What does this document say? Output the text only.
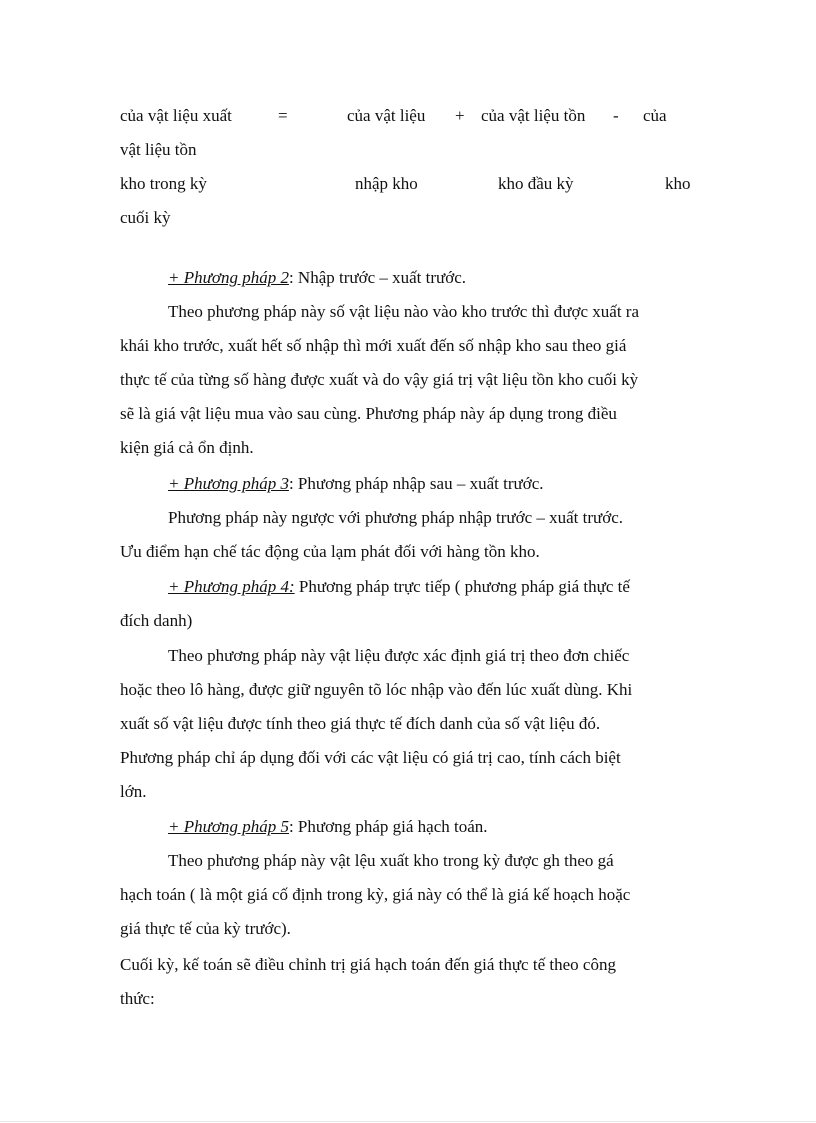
của vật liệu xuất	=	của vật liệu + của vật liệu tồn - của
vật liệu tồn
kho trong kỳ	nhập kho	kho đầu kỳ	kho
cuối kỳ
+ Phương pháp 2: Nhập trước – xuất trước.
Theo phương pháp này số vật liệu nào vào kho trước thì được xuất ra
khái kho trước, xuất hết số nhập thì mới xuất đến số nhập kho sau theo giá
thực tế của từng số hàng được xuất và do vậy giá trị vật liệu tồn kho cuối kỳ
sẽ là giá vật liệu mua vào sau cùng. Phương pháp này áp dụng trong điều
kiện giá cả ổn định.
+ Phương pháp 3: Phương pháp nhập sau – xuất trước.
Phương pháp này ngược với phương pháp nhập trước – xuất trước.
Ưu điểm hạn chế tác động của lạm phát đối với hàng tồn kho.
+ Phương pháp 4: Phương pháp trực tiếp ( phương pháp giá thực tế
đích danh)
Theo phương pháp này vật liệu được xác định giá trị theo đơn chiếc
hoặc theo lô hàng, được giữ nguyên tõ lóc nhập vào đến lúc xuất dùng. Khi
xuất số vật liệu được tính theo giá thực tế đích danh của số vật liệu đó.
Phương pháp chỉ áp dụng đối với các vật liệu có giá trị cao, tính cách biệt
lớn.
+ Phương pháp 5: Phương pháp giá hạch toán.
Theo phương pháp này vật lệu xuất kho trong kỳ được gh theo gá
hạch toán ( là một giá cố định trong kỳ, giá này có thể là giá kế hoạch hoặc
giá thực tế của kỳ trước).
Cuối kỳ, kế toán sẽ điều chỉnh trị giá hạch toán đến giá thực tế theo công
thức:
